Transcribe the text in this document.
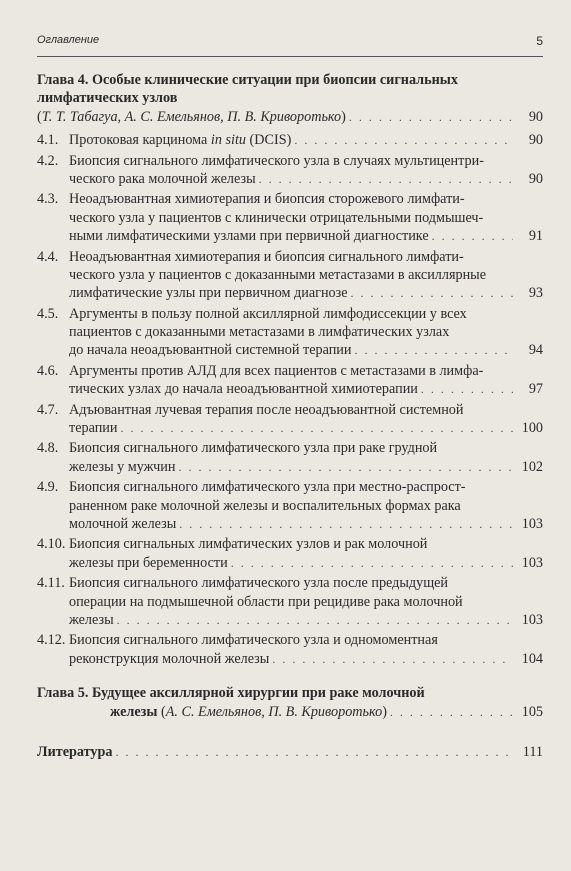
Оглавление	5
Глава 4. Особые клинические ситуации при биопсии сигнальных
лимфатических узлов
(Т. Т. Табагуа, А. С. Емельянов, П. В. Криворотько) . . .	90
4.1. Протоковая карцинома in situ (DCIS) . . .	90
4.2. Биопсия сигнального лимфатического узла в случаях мультицентри-
ческого рака молочной железы . . .	90
4.3. Неоадъювантная химиотерапия и биопсия сторожевого лимфати-
ческого узла у пациентов с клинически отрицательными подмышеч-
ными лимфатическими узлами при первичной диагностике . . .	91
4.4. Неоадъювантная химиотерапия и биопсия сигнального лимфати-
ческого узла у пациентов с доказанными метастазами в аксиллярные
лимфатические узлы при первичном диагнозе . . .	93
4.5. Аргументы в пользу полной аксиллярной лимфодиссекции у всех
пациентов с доказанными метастазами в лимфатических узлах
до начала неоадъювантной системной терапии . . .	94
4.6. Аргументы против АЛД для всех пациентов с метастазами в лимфа-
тических узлах до начала неоадъювантной химиотерапии . . .	97
4.7. Адъювантная лучевая терапия после неоадъювантной системной
терапии . . .	100
4.8. Биопсия сигнального лимфатического узла при раке грудной
железы у мужчин . . .	102
4.9. Биопсия сигнального лимфатического узла при местно-распрост-
раненном раке молочной железы и воспалительных формах рака
молочной железы . . .	103
4.10. Биопсия сигнальных лимфатических узлов и рак молочной
железы при беременности . . .	103
4.11. Биопсия сигнального лимфатического узла после предыдущей
операции на подмышечной области при рецидиве рака молочной
железы . . .	103
4.12. Биопсия сигнального лимфатического узла и одномоментная
реконструкция молочной железы . . .	104
Глава 5. Будущее аксиллярной хирургии при раке молочной
железы (А. С. Емельянов, П. В. Криворотько) . . .	105
Литература . . .	111
